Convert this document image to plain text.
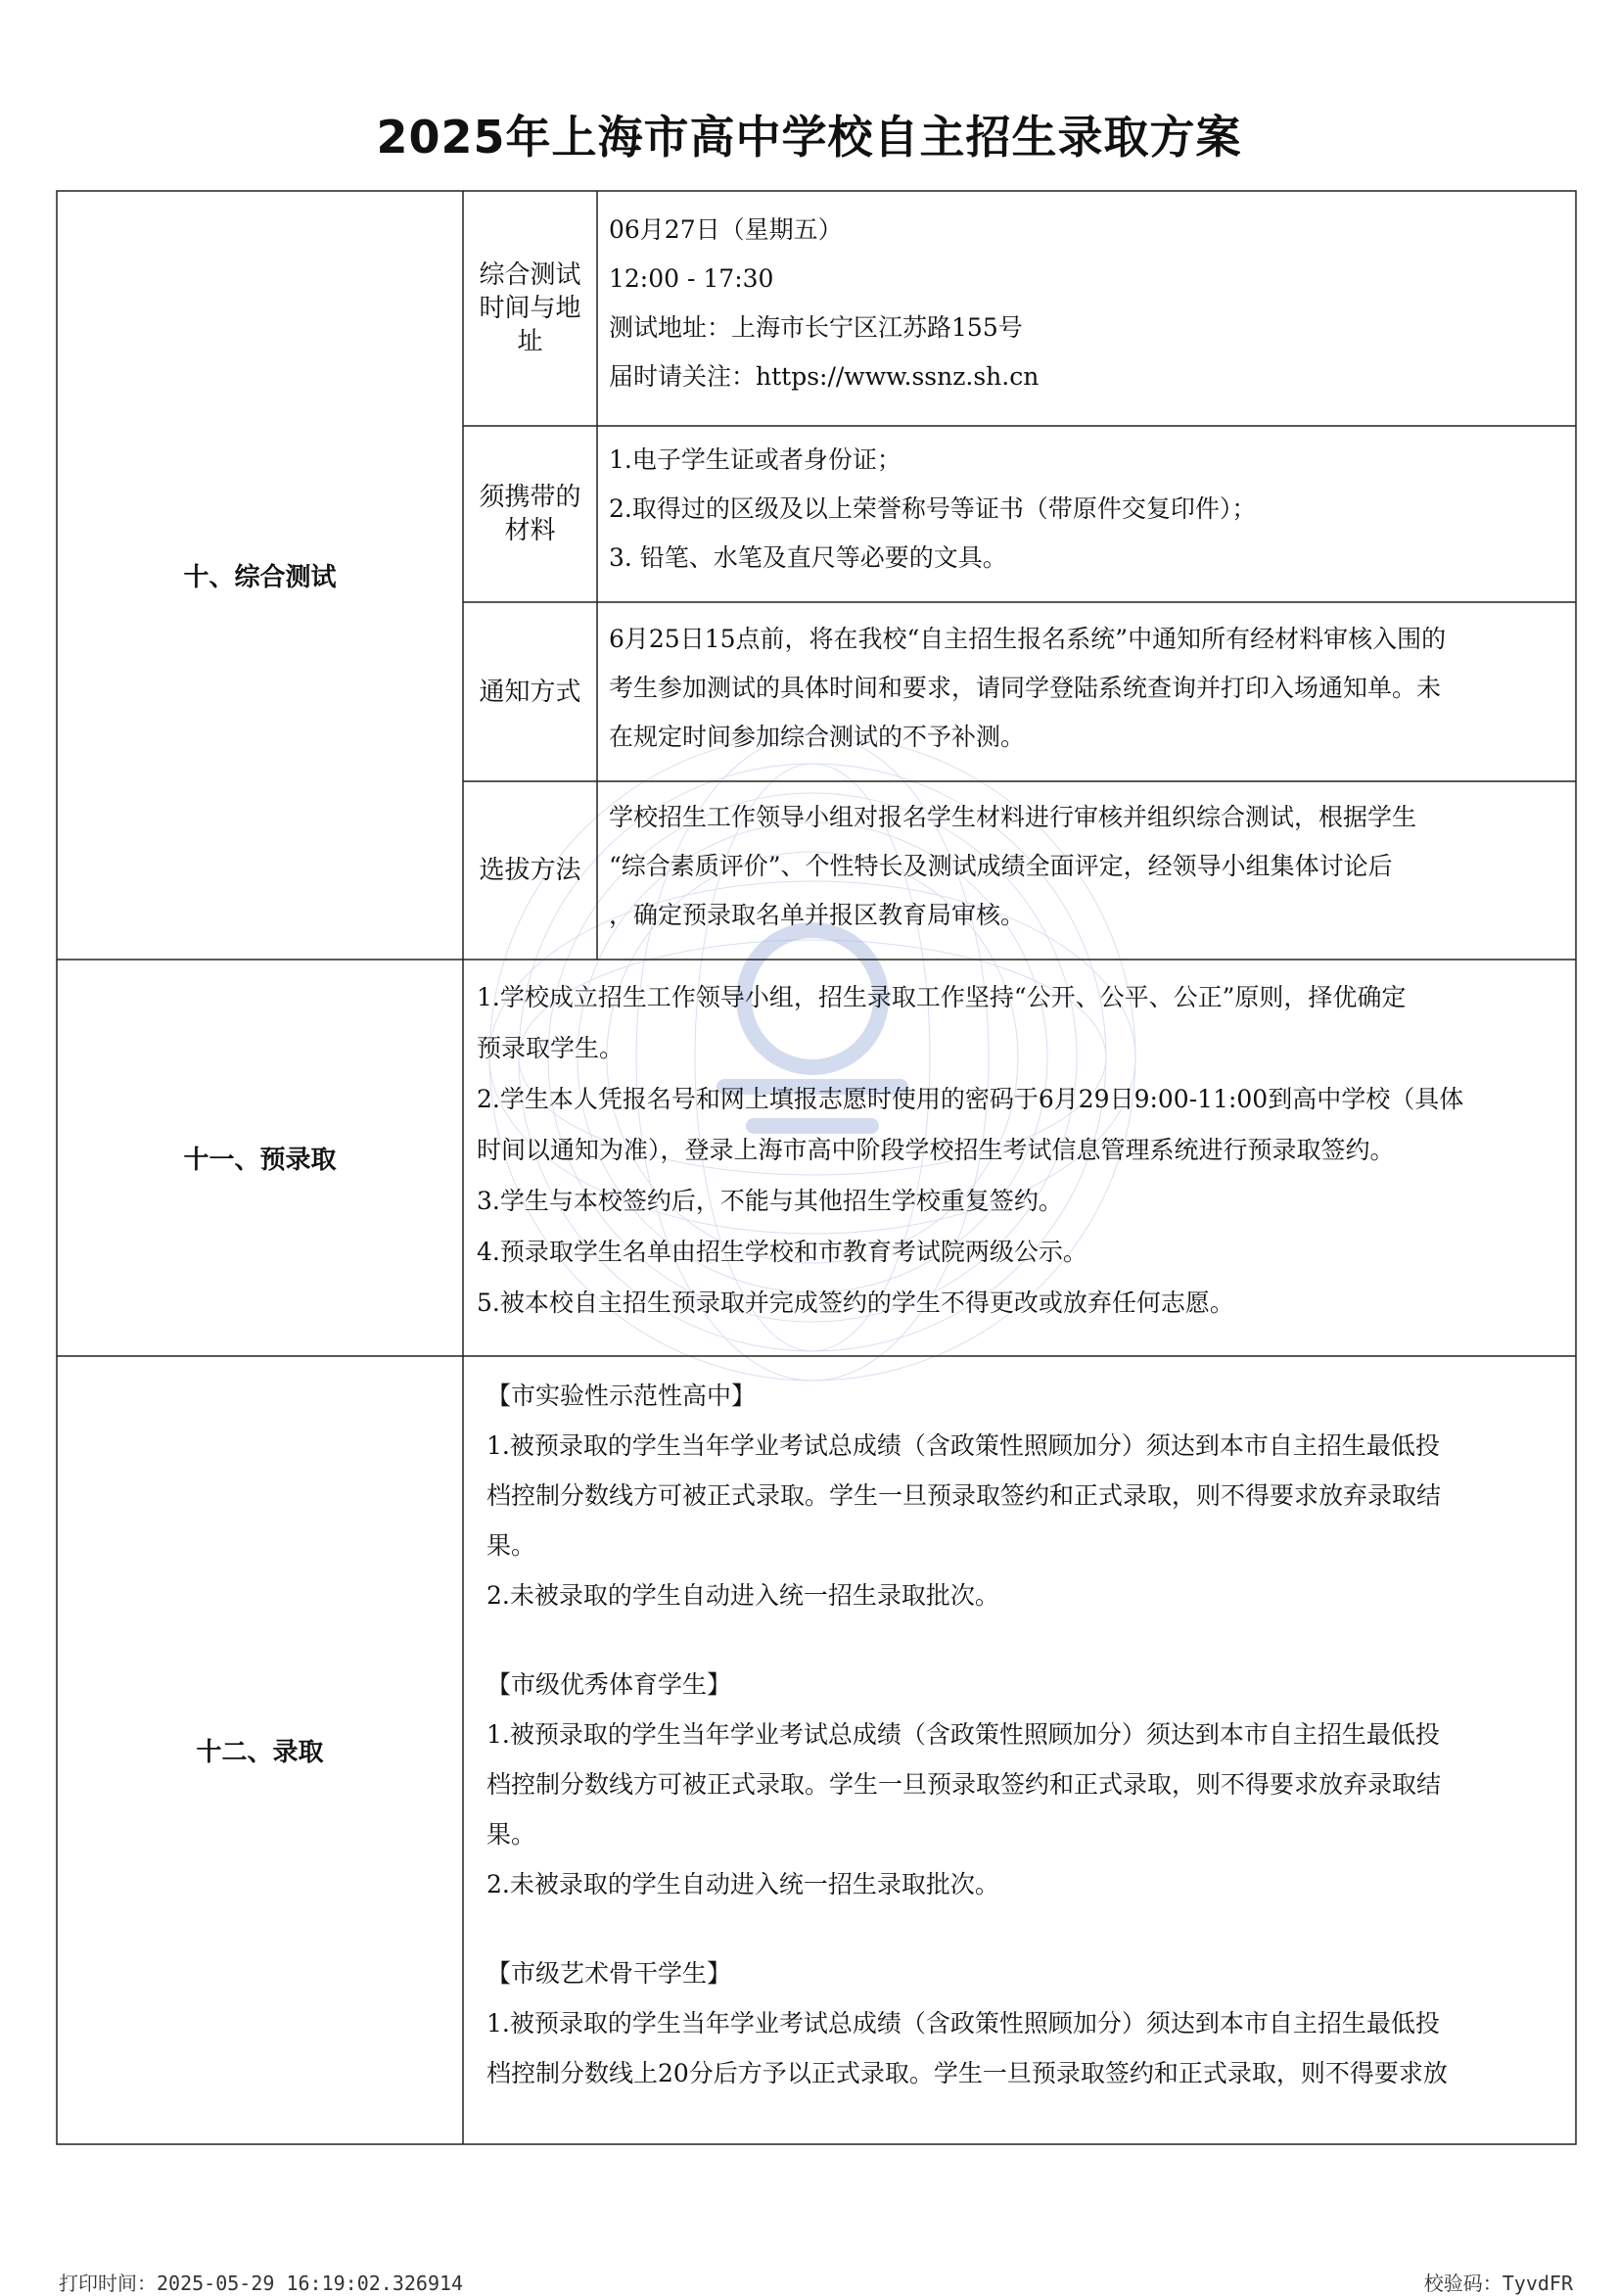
2025年上海市高中学校自主招生录取方案
十、综合测试
综合测试时间与地址

06月27日（星期五）

12:00 - 17:30

测试地址：上海市长宁区江苏路155号

届时请关注：https://www.ssnz.sh.cn

须携带的材料

1.电子学生证或者身份证；

2.取得过的区级及以上荣誉称号等证书（带原件交复印件）；

3. 铅笔、水笔及直尺等必要的文具。

通知方式

6月25日15点前，将在我校“自主招生报名系统”中通知所有经材料审核入围的

考生参加测试的具体时间和要求，请同学登陆系统查询并打印入场通知单。未

在规定时间参加综合测试的不予补测。

选拔方法

学校招生工作领导小组对报名学生材料进行审核并组织综合测试，根据学生

“综合素质评价”、个性特长及测试成绩全面评定，经领导小组集体讨论后

，确定预录取名单并报区教育局审核。

十一、预录取

1.学校成立招生工作领导小组，招生录取工作坚持“公开、公平、公正”原则，择优确定

预录取学生。

2.学生本人凭报名号和网上填报志愿时使用的密码于6月29日9:00-11:00到高中学校（具体

时间以通知为准），登录上海市高中阶段学校招生考试信息管理系统进行预录取签约。

3.学生与本校签约后，不能与其他招生学校重复签约。

4.预录取学生名单由招生学校和市教育考试院两级公示。

5.被本校自主招生预录取并完成签约的学生不得更改或放弃任何志愿。

十二、录取

【市实验性示范性高中】

1.被预录取的学生当年学业考试总成绩（含政策性照顾加分）须达到本市自主招生最低投

档控制分数线方可被正式录取。学生一旦预录取签约和正式录取，则不得要求放弃录取结

果。

2.未被录取的学生自动进入统一招生录取批次。

【市级优秀体育学生】

1.被预录取的学生当年学业考试总成绩（含政策性照顾加分）须达到本市自主招生最低投

档控制分数线方可被正式录取。学生一旦预录取签约和正式录取，则不得要求放弃录取结

果。

2.未被录取的学生自动进入统一招生录取批次。

【市级艺术骨干学生】

1.被预录取的学生当年学业考试总成绩（含政策性照顾加分）须达到本市自主招生最低投

档控制分数线上20分后方予以正式录取。学生一旦预录取签约和正式录取，则不得要求放

打印时间：2025-05-29 16:19:02.326914	校验码：TyvdFR
